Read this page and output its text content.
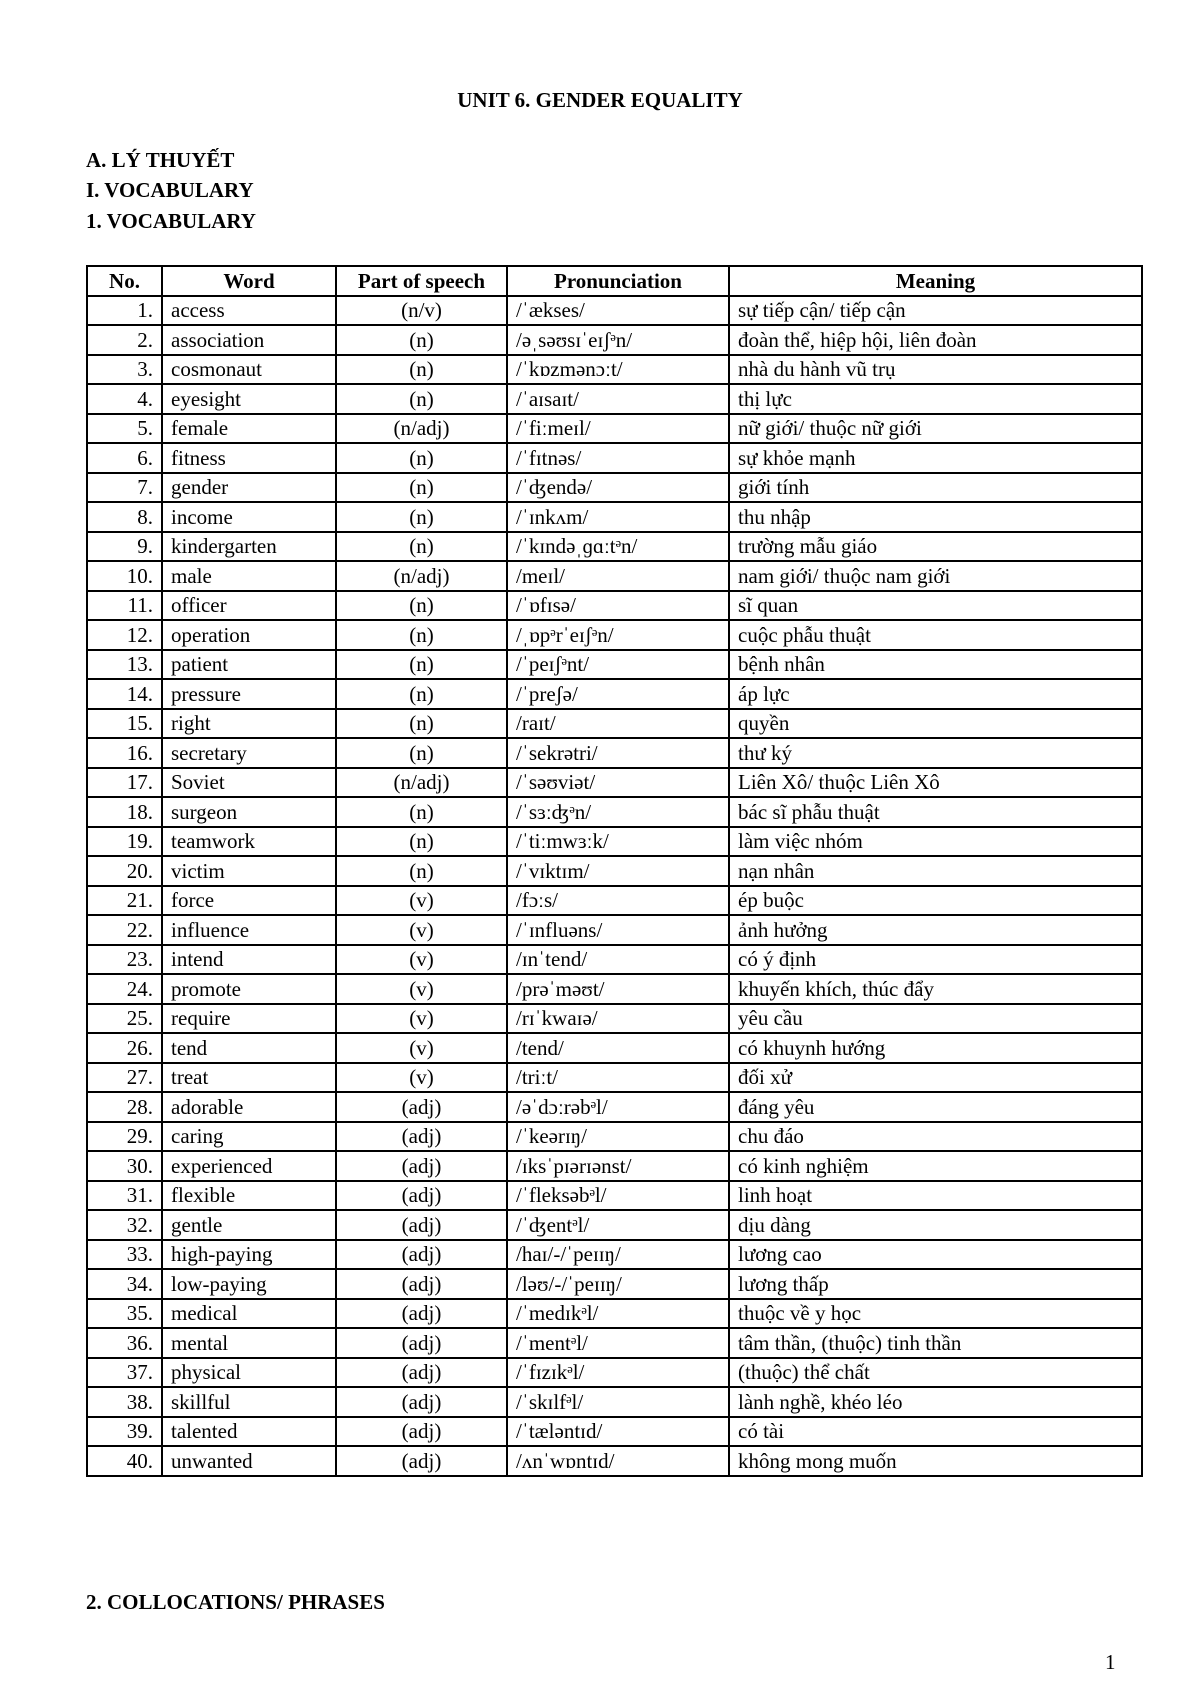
UNIT 6. GENDER EQUALITY
A. LÝ THUYẾT
I. VOCABULARY
1. VOCABULARY
No.	Word	Part of speech	Pronunciation	Meaning
1.	access	(n/v)	/ˈækses/	sự tiếp cận/ tiếp cận
2.	association	(n)	/əˌsəʊsɪˈeɪʃᵊn/	đoàn thể, hiệp hội, liên đoàn
3.	cosmonaut	(n)	/ˈkɒzmənɔːt/	nhà du hành vũ trụ
4.	eyesight	(n)	/ˈaɪsaɪt/	thị lực
5.	female	(n/adj)	/ˈfiːmeɪl/	nữ giới/ thuộc nữ giới
6.	fitness	(n)	/ˈfɪtnəs/	sự khỏe mạnh
7.	gender	(n)	/ˈʤendə/	giới tính
8.	income	(n)	/ˈɪnkʌm/	thu nhập
9.	kindergarten	(n)	/ˈkɪndəˌɡɑːtᵊn/	trường mẫu giáo
10.	male	(n/adj)	/meɪl/	nam giới/ thuộc nam giới
11.	officer	(n)	/ˈɒfɪsə/	sĩ quan
12.	operation	(n)	/ˌɒpᵊrˈeɪʃᵊn/	cuộc phẫu thuật
13.	patient	(n)	/ˈpeɪʃᵊnt/	bệnh nhân
14.	pressure	(n)	/ˈpreʃə/	áp lực
15.	right	(n)	/raɪt/	quyền
16.	secretary	(n)	/ˈsekrətri/	thư ký
17.	Soviet	(n/adj)	/ˈsəʊviət/	Liên Xô/ thuộc Liên Xô
18.	surgeon	(n)	/ˈsɜːʤᵊn/	bác sĩ phẫu thuật
19.	teamwork	(n)	/ˈtiːmwɜːk/	làm việc nhóm
20.	victim	(n)	/ˈvɪktɪm/	nạn nhân
21.	force	(v)	/fɔːs/	ép buộc
22.	influence	(v)	/ˈɪnfluəns/	ảnh hưởng
23.	intend	(v)	/ɪnˈtend/	có ý định
24.	promote	(v)	/prəˈməʊt/	khuyến khích, thúc đẩy
25.	require	(v)	/rɪˈkwaɪə/	yêu cầu
26.	tend	(v)	/tend/	có khuynh hướng
27.	treat	(v)	/triːt/	đối xử
28.	adorable	(adj)	/əˈdɔːrəbᵊl/	đáng yêu
29.	caring	(adj)	/ˈkeərɪŋ/	chu đáo
30.	experienced	(adj)	/ɪksˈpɪərɪənst/	có kinh nghiệm
31.	flexible	(adj)	/ˈfleksəbᵊl/	linh hoạt
32.	gentle	(adj)	/ˈʤentᵊl/	dịu dàng
33.	high-paying	(adj)	/haɪ/-/ˈpeɪɪŋ/	lương cao
34.	low-paying	(adj)	/ləʊ/-/ˈpeɪɪŋ/	lương thấp
35.	medical	(adj)	/ˈmedɪkᵊl/	thuộc về y học
36.	mental	(adj)	/ˈmentᵊl/	tâm thần, (thuộc) tinh thần
37.	physical	(adj)	/ˈfɪzɪkᵊl/	(thuộc) thể chất
38.	skillful	(adj)	/ˈskɪlfᵊl/	lành nghề, khéo léo
39.	talented	(adj)	/ˈtæləntɪd/	có tài
40.	unwanted	(adj)	/ʌnˈwɒntɪd/	không mong muốn
2. COLLOCATIONS/ PHRASES
1
